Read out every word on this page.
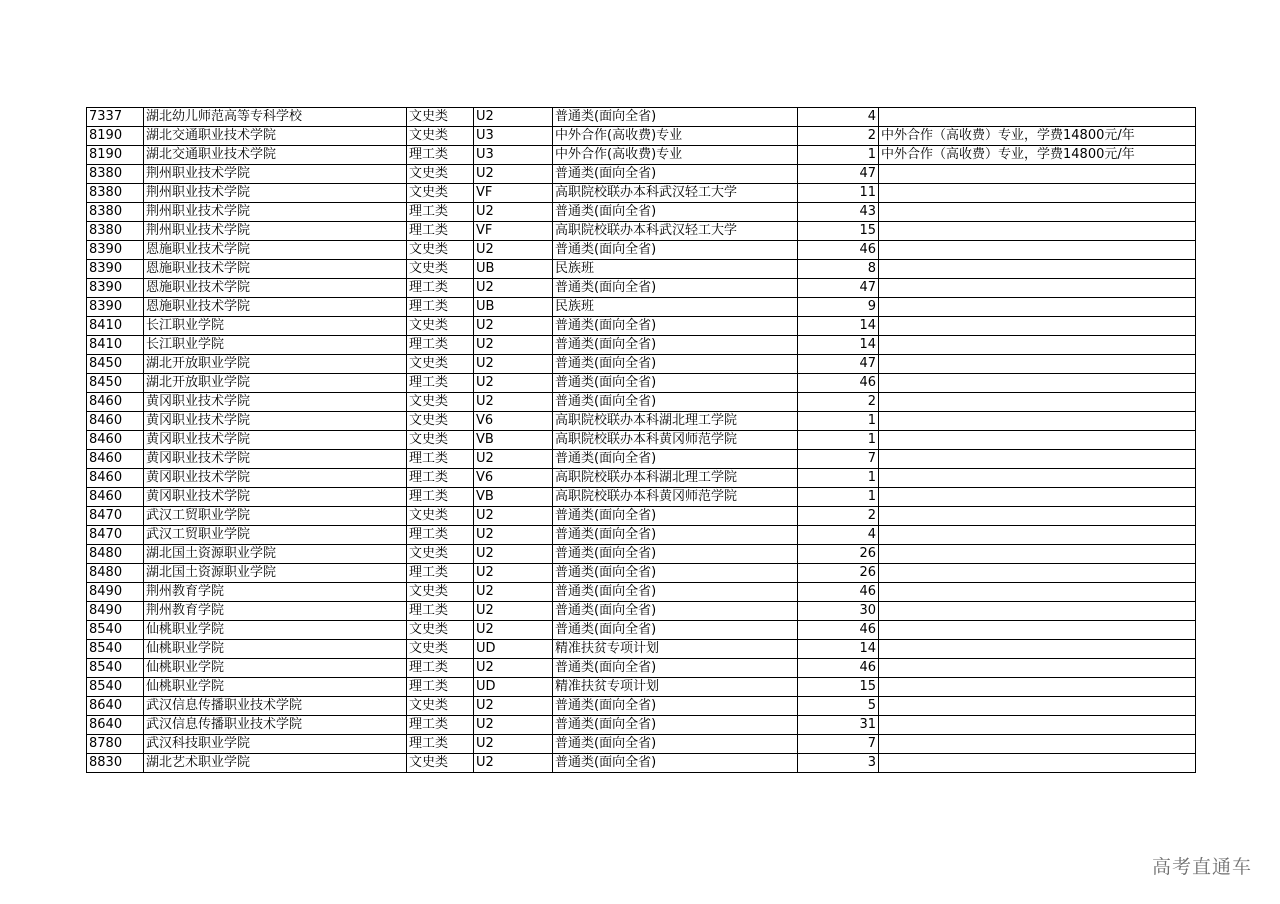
7337	湖北幼儿师范高等专科学校	文史类	U2	普通类(面向全省)	4	
8190	湖北交通职业技术学院	文史类	U3	中外合作(高收费)专业	2	中外合作（高收费）专业，学费14800元/年
8190	湖北交通职业技术学院	理工类	U3	中外合作(高收费)专业	1	中外合作（高收费）专业，学费14800元/年
8380	荆州职业技术学院	文史类	U2	普通类(面向全省)	47	
8380	荆州职业技术学院	文史类	VF	高职院校联办本科武汉轻工大学	11	
8380	荆州职业技术学院	理工类	U2	普通类(面向全省)	43	
8380	荆州职业技术学院	理工类	VF	高职院校联办本科武汉轻工大学	15	
8390	恩施职业技术学院	文史类	U2	普通类(面向全省)	46	
8390	恩施职业技术学院	文史类	UB	民族班	8	
8390	恩施职业技术学院	理工类	U2	普通类(面向全省)	47	
8390	恩施职业技术学院	理工类	UB	民族班	9	
8410	长江职业学院	文史类	U2	普通类(面向全省)	14	
8410	长江职业学院	理工类	U2	普通类(面向全省)	14	
8450	湖北开放职业学院	文史类	U2	普通类(面向全省)	47	
8450	湖北开放职业学院	理工类	U2	普通类(面向全省)	46	
8460	黄冈职业技术学院	文史类	U2	普通类(面向全省)	2	
8460	黄冈职业技术学院	文史类	V6	高职院校联办本科湖北理工学院	1	
8460	黄冈职业技术学院	文史类	VB	高职院校联办本科黄冈师范学院	1	
8460	黄冈职业技术学院	理工类	U2	普通类(面向全省)	7	
8460	黄冈职业技术学院	理工类	V6	高职院校联办本科湖北理工学院	1	
8460	黄冈职业技术学院	理工类	VB	高职院校联办本科黄冈师范学院	1	
8470	武汉工贸职业学院	文史类	U2	普通类(面向全省)	2	
8470	武汉工贸职业学院	理工类	U2	普通类(面向全省)	4	
8480	湖北国土资源职业学院	文史类	U2	普通类(面向全省)	26	
8480	湖北国土资源职业学院	理工类	U2	普通类(面向全省)	26	
8490	荆州教育学院	文史类	U2	普通类(面向全省)	46	
8490	荆州教育学院	理工类	U2	普通类(面向全省)	30	
8540	仙桃职业学院	文史类	U2	普通类(面向全省)	46	
8540	仙桃职业学院	文史类	UD	精准扶贫专项计划	14	
8540	仙桃职业学院	理工类	U2	普通类(面向全省)	46	
8540	仙桃职业学院	理工类	UD	精准扶贫专项计划	15	
8640	武汉信息传播职业技术学院	文史类	U2	普通类(面向全省)	5	
8640	武汉信息传播职业技术学院	理工类	U2	普通类(面向全省)	31	
8780	武汉科技职业学院	理工类	U2	普通类(面向全省)	7	
8830	湖北艺术职业学院	文史类	U2	普通类(面向全省)	3	
高考直通车
